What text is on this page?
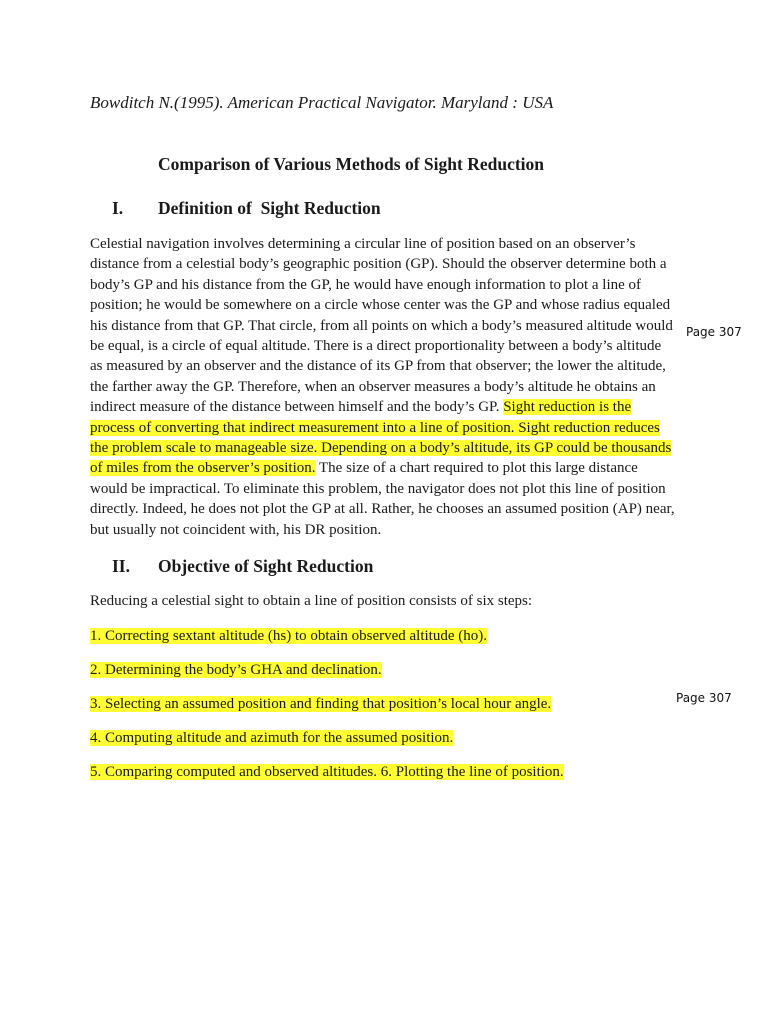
Bowditch N.(1995). American Practical Navigator. Maryland : USA
Comparison of Various Methods of Sight Reduction
I. Definition of  Sight Reduction

Celestial navigation involves determining a circular line of position based on an observer’s distance from a celestial body’s geographic position (GP). Should the observer determine both a body’s GP and his distance from the GP, he would have enough information to plot a line of position; he would be somewhere on a circle whose center was the GP and whose radius equaled his distance from that GP. That circle, from all points on which a body’s measured altitude would be equal, is a circle of equal altitude. There is a direct proportionality between a body’s altitude as measured by an observer and the distance of its GP from that observer; the lower the altitude, the farther away the GP. Therefore, when an observer measures a body’s altitude he obtains an indirect measure of the distance between himself and the body’s GP. Sight reduction is the process of converting that indirect measurement into a line of position. Sight reduction reduces the problem scale to manageable size. Depending on a body’s altitude, its GP could be thousands of miles from the observer’s position. The size of a chart required to plot this large distance would be impractical. To eliminate this problem, the navigator does not plot this line of position directly. Indeed, he does not plot the GP at all. Rather, he chooses an assumed position (AP) near, but usually not coincident with, his DR position.

Page 307
II. Objective of Sight Reduction
Reducing a celestial sight to obtain a line of position consists of six steps:
1. Correcting sextant altitude (hs) to obtain observed altitude (ho).
2. Determining the body’s GHA and declination.
3. Selecting an assumed position and finding that position’s local hour angle.
4. Computing altitude and azimuth for the assumed position.
5. Comparing computed and observed altitudes. 6. Plotting the line of position.
Page 307
